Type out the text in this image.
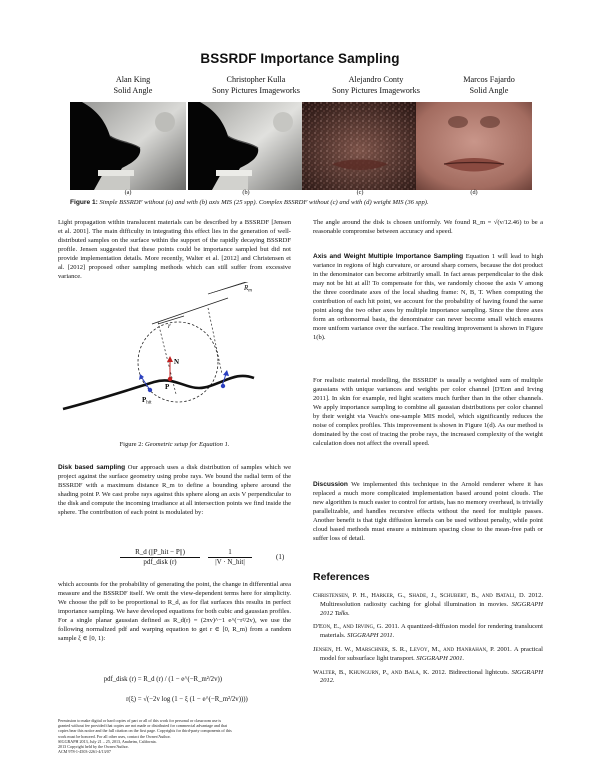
BSSRDF Importance Sampling
Alan King
Solid Angle
Christopher Kulla
Sony Pictures Imageworks
Alejandro Conty
Sony Pictures Imageworks
Marcos Fajardo
Solid Angle
(a)	(b)	(c)	(d)
Figure 1: Simple BSSRDF without (a) and with (b) axis MIS (25 spp). Complex BSSRDF without (c) and with (d) weight MIS (36 spp).
Light propagation within translucent materials can be described by a BSSRDF [Jensen et al. 2001]. The main difficulty in integrating this effect lies in the generation of well-distributed samples on the surface within the support of the rapidly decaying BSSRDF profile. Jensen suggested that these points could be importance sampled but did not provide implementation details. More recently, Walter et al. [2012] and Christensen et al. [2012] proposed other sampling methods which can still suffer from excessive variance.
$R_m$
r
N
P
$P_{hit}$
Figure 2: Geometric setup for Equation 1.
Disk based sampling Our approach uses a disk distribution of samples which we project against the surface geometry using probe rays. We bound the radial term of the BSSRDF with a maximum distance R_m to define a bounding sphere around the shading point P. We cast probe rays against this sphere along an axis V perpendicular to the disk and compute the incoming irradiance at all intersection points we find inside the sphere. The contribution of each point is modulated by:
R_d (||P_hit − P||)
pdf_disk (r)
1
|V · N_hit|
(1)
which accounts for the probability of generating the point, the change in differential area measure and the BSSRDF itself. We omit the view-dependent terms here for simplicity. We choose the pdf to be proportional to R_d, as for flat surfaces this results in perfect importance sampling. We have developed equations for both cubic and gaussian profiles. For a single planar gaussian defined as R_d(r) = (2πv)^−1 e^(−r²/2v), we use the following normalized pdf and warping equation to get r ∈ [0, R_m) from a random sample ξ ∈ [0, 1):
pdf_disk (r) = R_d (r) / (1 − e^(−R_m²/2v))
r(ξ) = √(−2v log (1 − ξ (1 − e^(−R_m²/2v))))
Permission to make digital or hard copies of part or all of this work for personal or classroom use is
granted without fee provided that copies are not made or distributed for commercial advantage and that
copies bear this notice and the full citation on the first page. Copyrights for third-party components of this
work must be honored. For all other uses, contact the Owner/Author.
SIGGRAPH 2013, July 21 – 25, 2013, Anaheim, California.
2013 Copyright held by the Owner/Author.
ACM 978-1-4503-2261-4/13/07
The angle around the disk is chosen uniformly. We found R_m = √(v/12.46) to be a reasonable compromise between accuracy and speed.
Axis and Weight Multiple Importance Sampling Equation 1 will lead to high variance in regions of high curvature, or around sharp corners, because the dot product in the denominator can become arbitrarily small. In fact areas perpendicular to the disk may not be hit at all! To compensate for this, we randomly choose the axis V among the three coordinate axes of the local shading frame: N, B, T. When computing the contribution of each hit point, we account for the probability of having found the same point along the two other axes by multiple importance sampling. Since the three axes form an orthonormal basis, the denominator can never become small which ensures more uniform variance over the surface. The resulting improvement is shown in Figure 1(b).
For realistic material modelling, the BSSRDF is usually a weighted sum of multiple gaussians with unique variances and weights per color channel [D'Eon and Irving 2011]. In skin for example, red light scatters much further than in the other channels. We apply importance sampling to combine all gaussian distributions per color channel by their weight via Veach's one-sample MIS model, which significantly reduces the noise of complex profiles. This improvement is shown in Figure 1(d). As our method is dominated by the cost of tracing the probe rays, the increased complexity of the weight calculation does not affect the overall speed.
Discussion We implemented this technique in the Arnold renderer where it has replaced a much more complicated implementation based around point clouds. The new algorithm is much easier to control for artists, has no memory overhead, is trivially parallelizable, and handles recursive effects without the need for multiple passes. Another benefit is that tight diffusion kernels can be used without penalty, while point cloud based methods must ensure a minimum spacing close to the mean-free path or suffer loss of detail.
References
Christensen, P. H., Harker, G., Shade, J., Schubert, B., and Batali, D. 2012. Multiresolution radiosity caching for global illumination in movies. SIGGRAPH 2012 Talks.
D'Eon, E., and Irving, G. 2011. A quantized-diffusion model for rendering translucent materials. SIGGRAPH 2011.
Jensen, H. W., Marschner, S. R., Levoy, M., and Hanrahan, P. 2001. A practical model for subsurface light transport. SIGGRAPH 2001.
Walter, B., Khungurn, P., and Bala, K. 2012. Bidirectional lightcuts. SIGGRAPH 2012.
